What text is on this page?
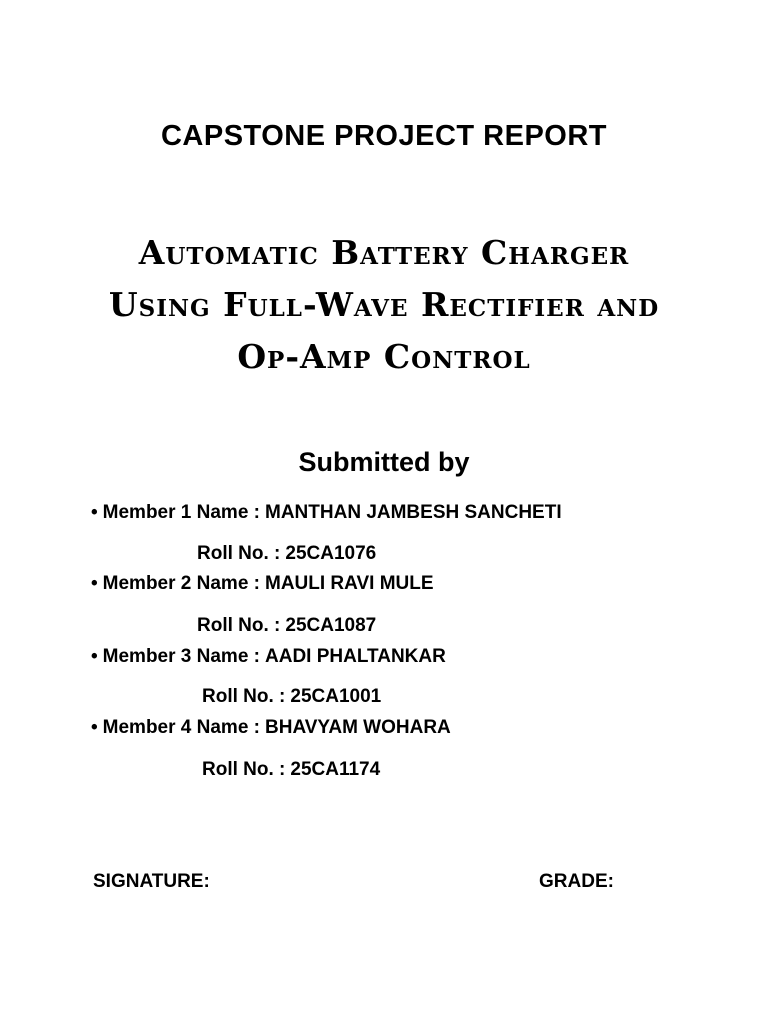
CAPSTONE PROJECT REPORT
Automatic Battery Charger
Using Full-Wave Rectifier and
Op-Amp Control
Submitted by
• Member 1 Name : MANTHAN JAMBESH SANCHETI
Roll No. : 25CA1076
• Member 2 Name : MAULI RAVI MULE
Roll No. : 25CA1087
• Member 3 Name : AADI PHALTANKAR
Roll No. : 25CA1001
• Member 4 Name : BHAVYAM WOHARA
Roll No. : 25CA1174
SIGNATURE:	GRADE:
